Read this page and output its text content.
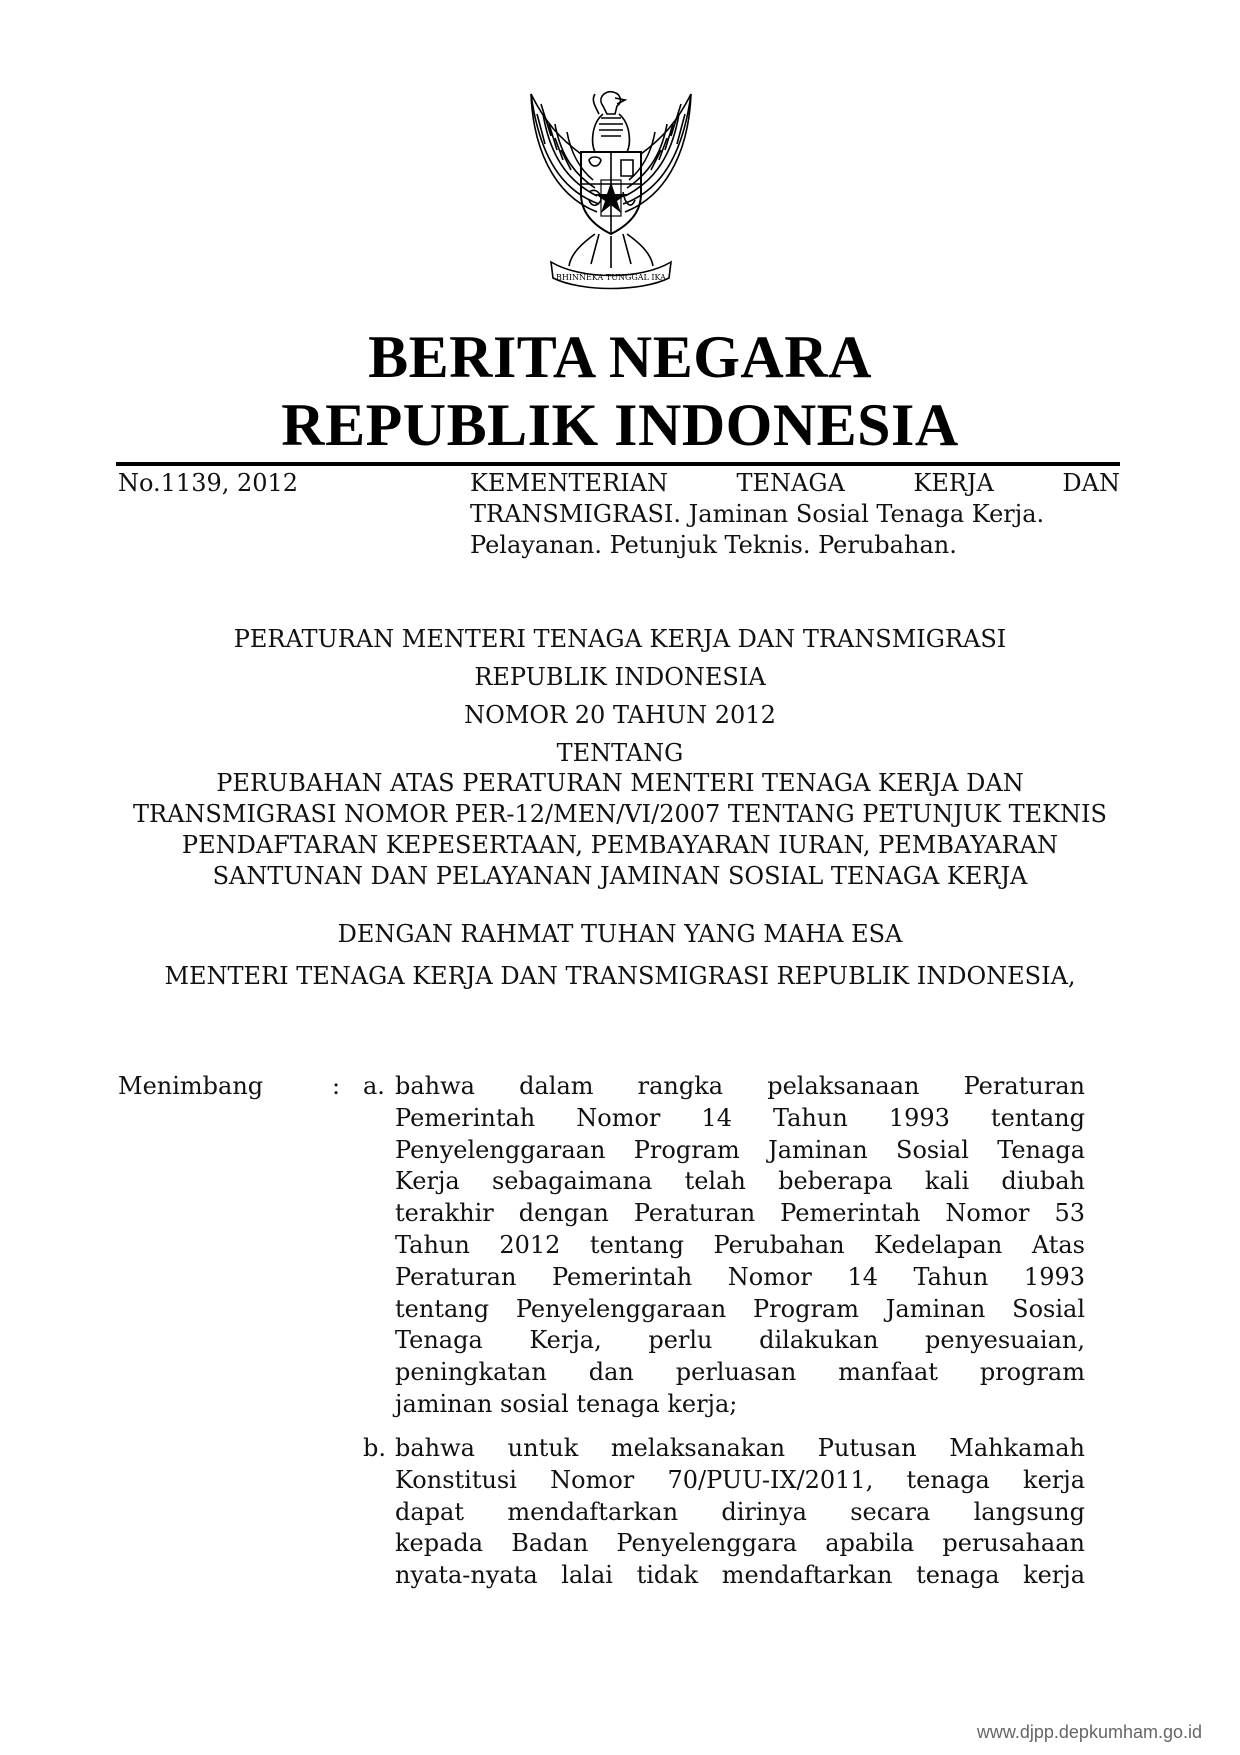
BHINNEKA TUNGGAL IKA
BERITA NEGARA
REPUBLIK INDONESIA
No.1139, 2012	KEMENTERIAN TENAGA KERJA DAN
TRANSMIGRASI. Jaminan Sosial Tenaga Kerja.
Pelayanan. Petunjuk Teknis. Perubahan.
PERATURAN MENTERI TENAGA KERJA DAN TRANSMIGRASI
REPUBLIK INDONESIA
NOMOR 20 TAHUN 2012
TENTANG
PERUBAHAN ATAS PERATURAN MENTERI TENAGA KERJA DAN
TRANSMIGRASI NOMOR PER-12/MEN/VI/2007 TENTANG PETUNJUK TEKNIS
PENDAFTARAN KEPESERTAAN, PEMBAYARAN IURAN, PEMBAYARAN
SANTUNAN DAN PELAYANAN JAMINAN SOSIAL TENAGA KERJA
DENGAN RAHMAT TUHAN YANG MAHA ESA
MENTERI TENAGA KERJA DAN TRANSMIGRASI REPUBLIK INDONESIA,
Menimbang	: a. bahwa dalam rangka pelaksanaan Peraturan
Pemerintah Nomor 14 Tahun 1993 tentang
Penyelenggaraan Program Jaminan Sosial Tenaga
Kerja sebagaimana telah beberapa kali diubah
terakhir dengan Peraturan Pemerintah Nomor 53
Tahun 2012 tentang Perubahan Kedelapan Atas
Peraturan Pemerintah Nomor 14 Tahun 1993
tentang Penyelenggaraan Program Jaminan Sosial
Tenaga Kerja, perlu dilakukan penyesuaian,
peningkatan dan perluasan manfaat program
jaminan sosial tenaga kerja;
b. bahwa untuk melaksanakan Putusan Mahkamah
Konstitusi Nomor 70/PUU-IX/2011, tenaga kerja
dapat mendaftarkan dirinya secara langsung
kepada Badan Penyelenggara apabila perusahaan
nyata-nyata lalai tidak mendaftarkan tenaga kerja
www.djpp.depkumham.go.id
